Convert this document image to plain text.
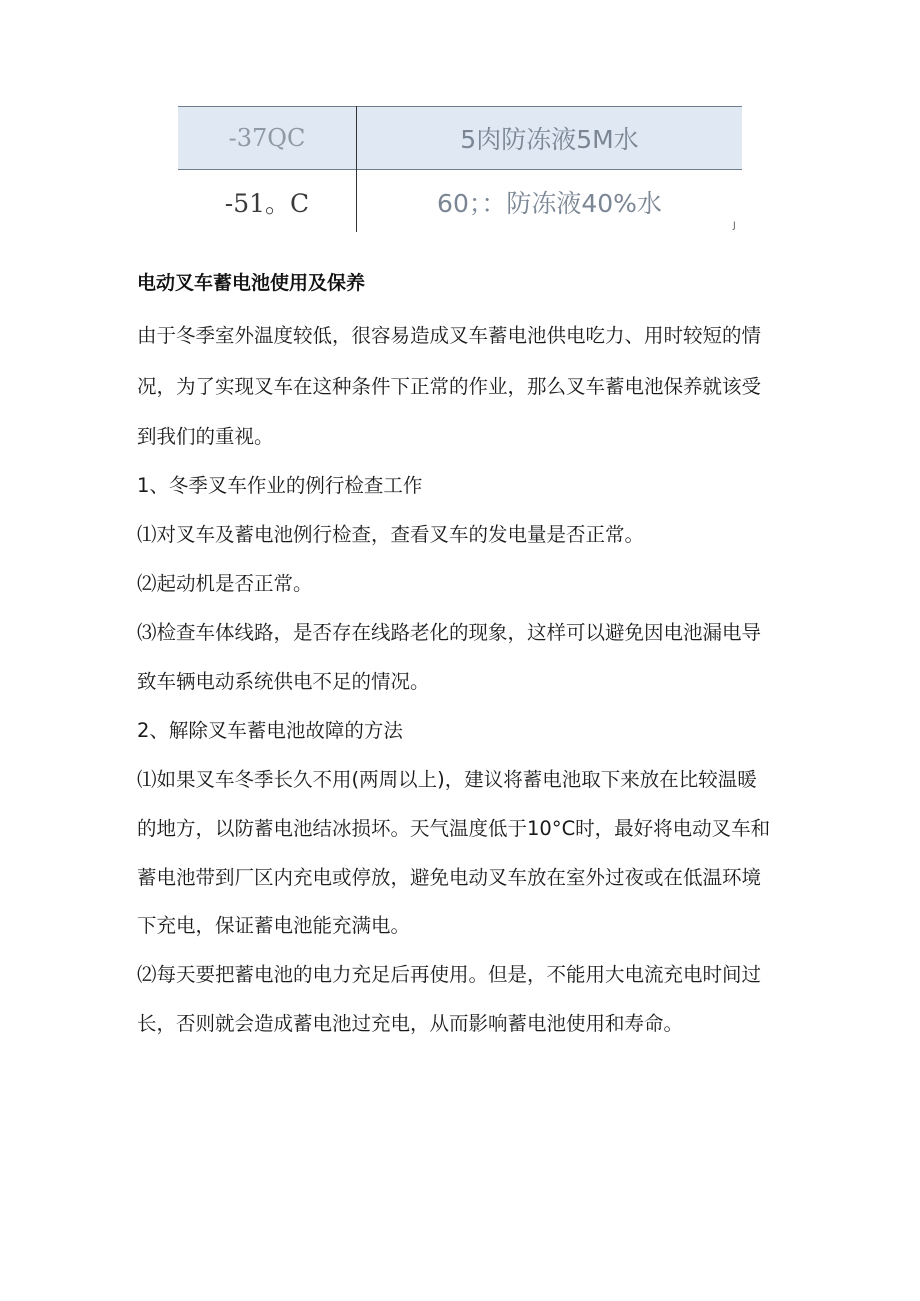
-37QC	5肉防冻液5M水
-51。C	60；：防冻液40%水
J
电动叉车蓄电池使用及保养
由于冬季室外温度较低，很容易造成叉车蓄电池供电吃力、用时较短的情
况，为了实现叉车在这种条件下正常的作业，那么叉车蓄电池保养就该受
到我们的重视。
1、冬季叉车作业的例行检查工作
⑴对叉车及蓄电池例行检查，查看叉车的发电量是否正常。
⑵起动机是否正常。
⑶检查车体线路，是否存在线路老化的现象，这样可以避免因电池漏电导
致车辆电动系统供电不足的情况。
2、解除叉车蓄电池故障的方法
⑴如果叉车冬季长久不用(两周以上)，建议将蓄电池取下来放在比较温暖
的地方，以防蓄电池结冰损坏。天气温度低于10°C时，最好将电动叉车和
蓄电池带到厂区内充电或停放，避免电动叉车放在室外过夜或在低温环境
下充电，保证蓄电池能充满电。
⑵每天要把蓄电池的电力充足后再使用。但是，不能用大电流充电时间过
长，否则就会造成蓄电池过充电，从而影响蓄电池使用和寿命。
